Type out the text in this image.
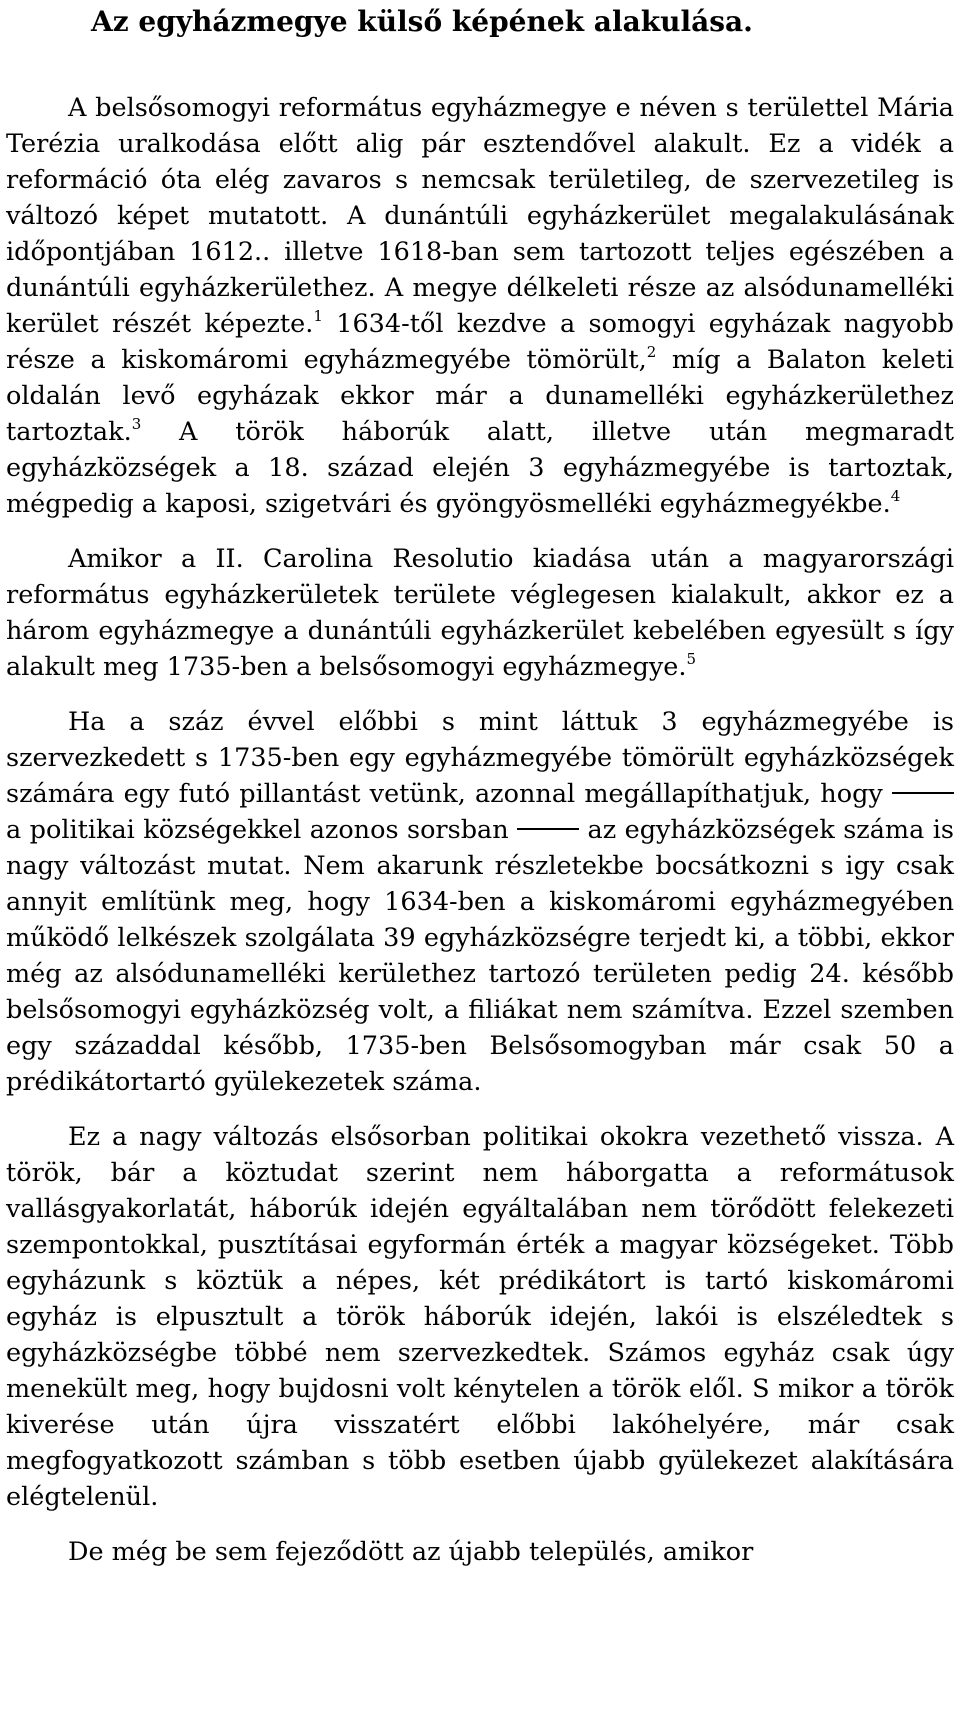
Az egyházmegye külső képének alakulása.

A belsősomogyi református egyházmegye e néven s területtel Mária Terézia uralkodása előtt alig pár esztendővel alakult. Ez a vidék a reformáció óta elég zavaros s nemcsak területileg, de szervezetileg is változó képet mutatott. A dunántúli egyházkerület megalakulásának időpontjában 1612.. illetve 1618-ban sem tartozott teljes egészében a dunántúli egyházkerülethez. A megye délkeleti része az alsódunamelléki kerület részét képezte.$^1$ 1634-től kezdve a somogyi egyházak nagyobb része a kiskomáromi egyházmegyébe tömörült,$^2$ míg a Balaton keleti oldalán levő egyházak ekkor már a dunamelléki egyházkerülethez tartoztak.$^3$ A török háborúk alatt, illetve után megmaradt egyházközségek a 18. század elején 3 egyházmegyébe is tartoztak, mégpedig a kaposi, szigetvári és gyöngyösmelléki egyházmegyékbe.$^4$

Amikor a II. Carolina Resolutio kiadása után a magyarországi református egyházkerületek területe véglegesen kialakult, akkor ez a három egyházmegye a dunántúli egyházkerület kebelében egyesült s így alakult meg 1735-ben a belsősomogyi egyházmegye.$^5$

Ha a száz évvel előbbi s mint láttuk 3 egyházmegyébe is szervezkedett s 1735-ben egy egyházmegyébe tömörült egyházközségek számára egy futó pillantást vetünk, azonnal megállapíthatjuk, hogy  a politikai községekkel azonos sorsban	az egyházközségek száma is nagy változást mutat. Nem akarunk részletekbe bocsátkozni s igy csak annyit említünk meg, hogy 1634-ben a kiskomáromi egyházmegyében működő lelkészek szolgálata 39 egyházközségre terjedt ki, a többi, ekkor még az alsódunamelléki kerülethez tartozó területen pedig 24. később belsősomogyi egyházközség volt, a filiákat nem számítva. Ezzel szemben egy századdal később, 1735-ben Belsősomogyban már csak 50 a prédikátortartó gyülekezetek száma.

Ez a nagy változás elsősorban politikai okokra vezethető vissza. A török, bár a köztudat szerint nem háborgatta a reformátusok vallásgyakorlatát, háborúk idején egyáltalában nem törődött felekezeti szempontokkal, pusztításai egyformán érték a magyar községeket. Több egyházunk s köztük a népes, két prédikátort is tartó kiskomáromi egyház is elpusztult a török háborúk idején, lakói is elszéledtek s egyházközségbe többé nem szervezkedtek. Számos egyház csak úgy menekült meg, hogy bujdosni volt kénytelen a török elől. S mikor a török kiverése után újra visszatért előbbi lakóhelyére, már csak megfogyatkozott számban s több esetben újabb gyülekezet alakítására elégtelenül.

De még be sem fejeződött az újabb település, amikor
